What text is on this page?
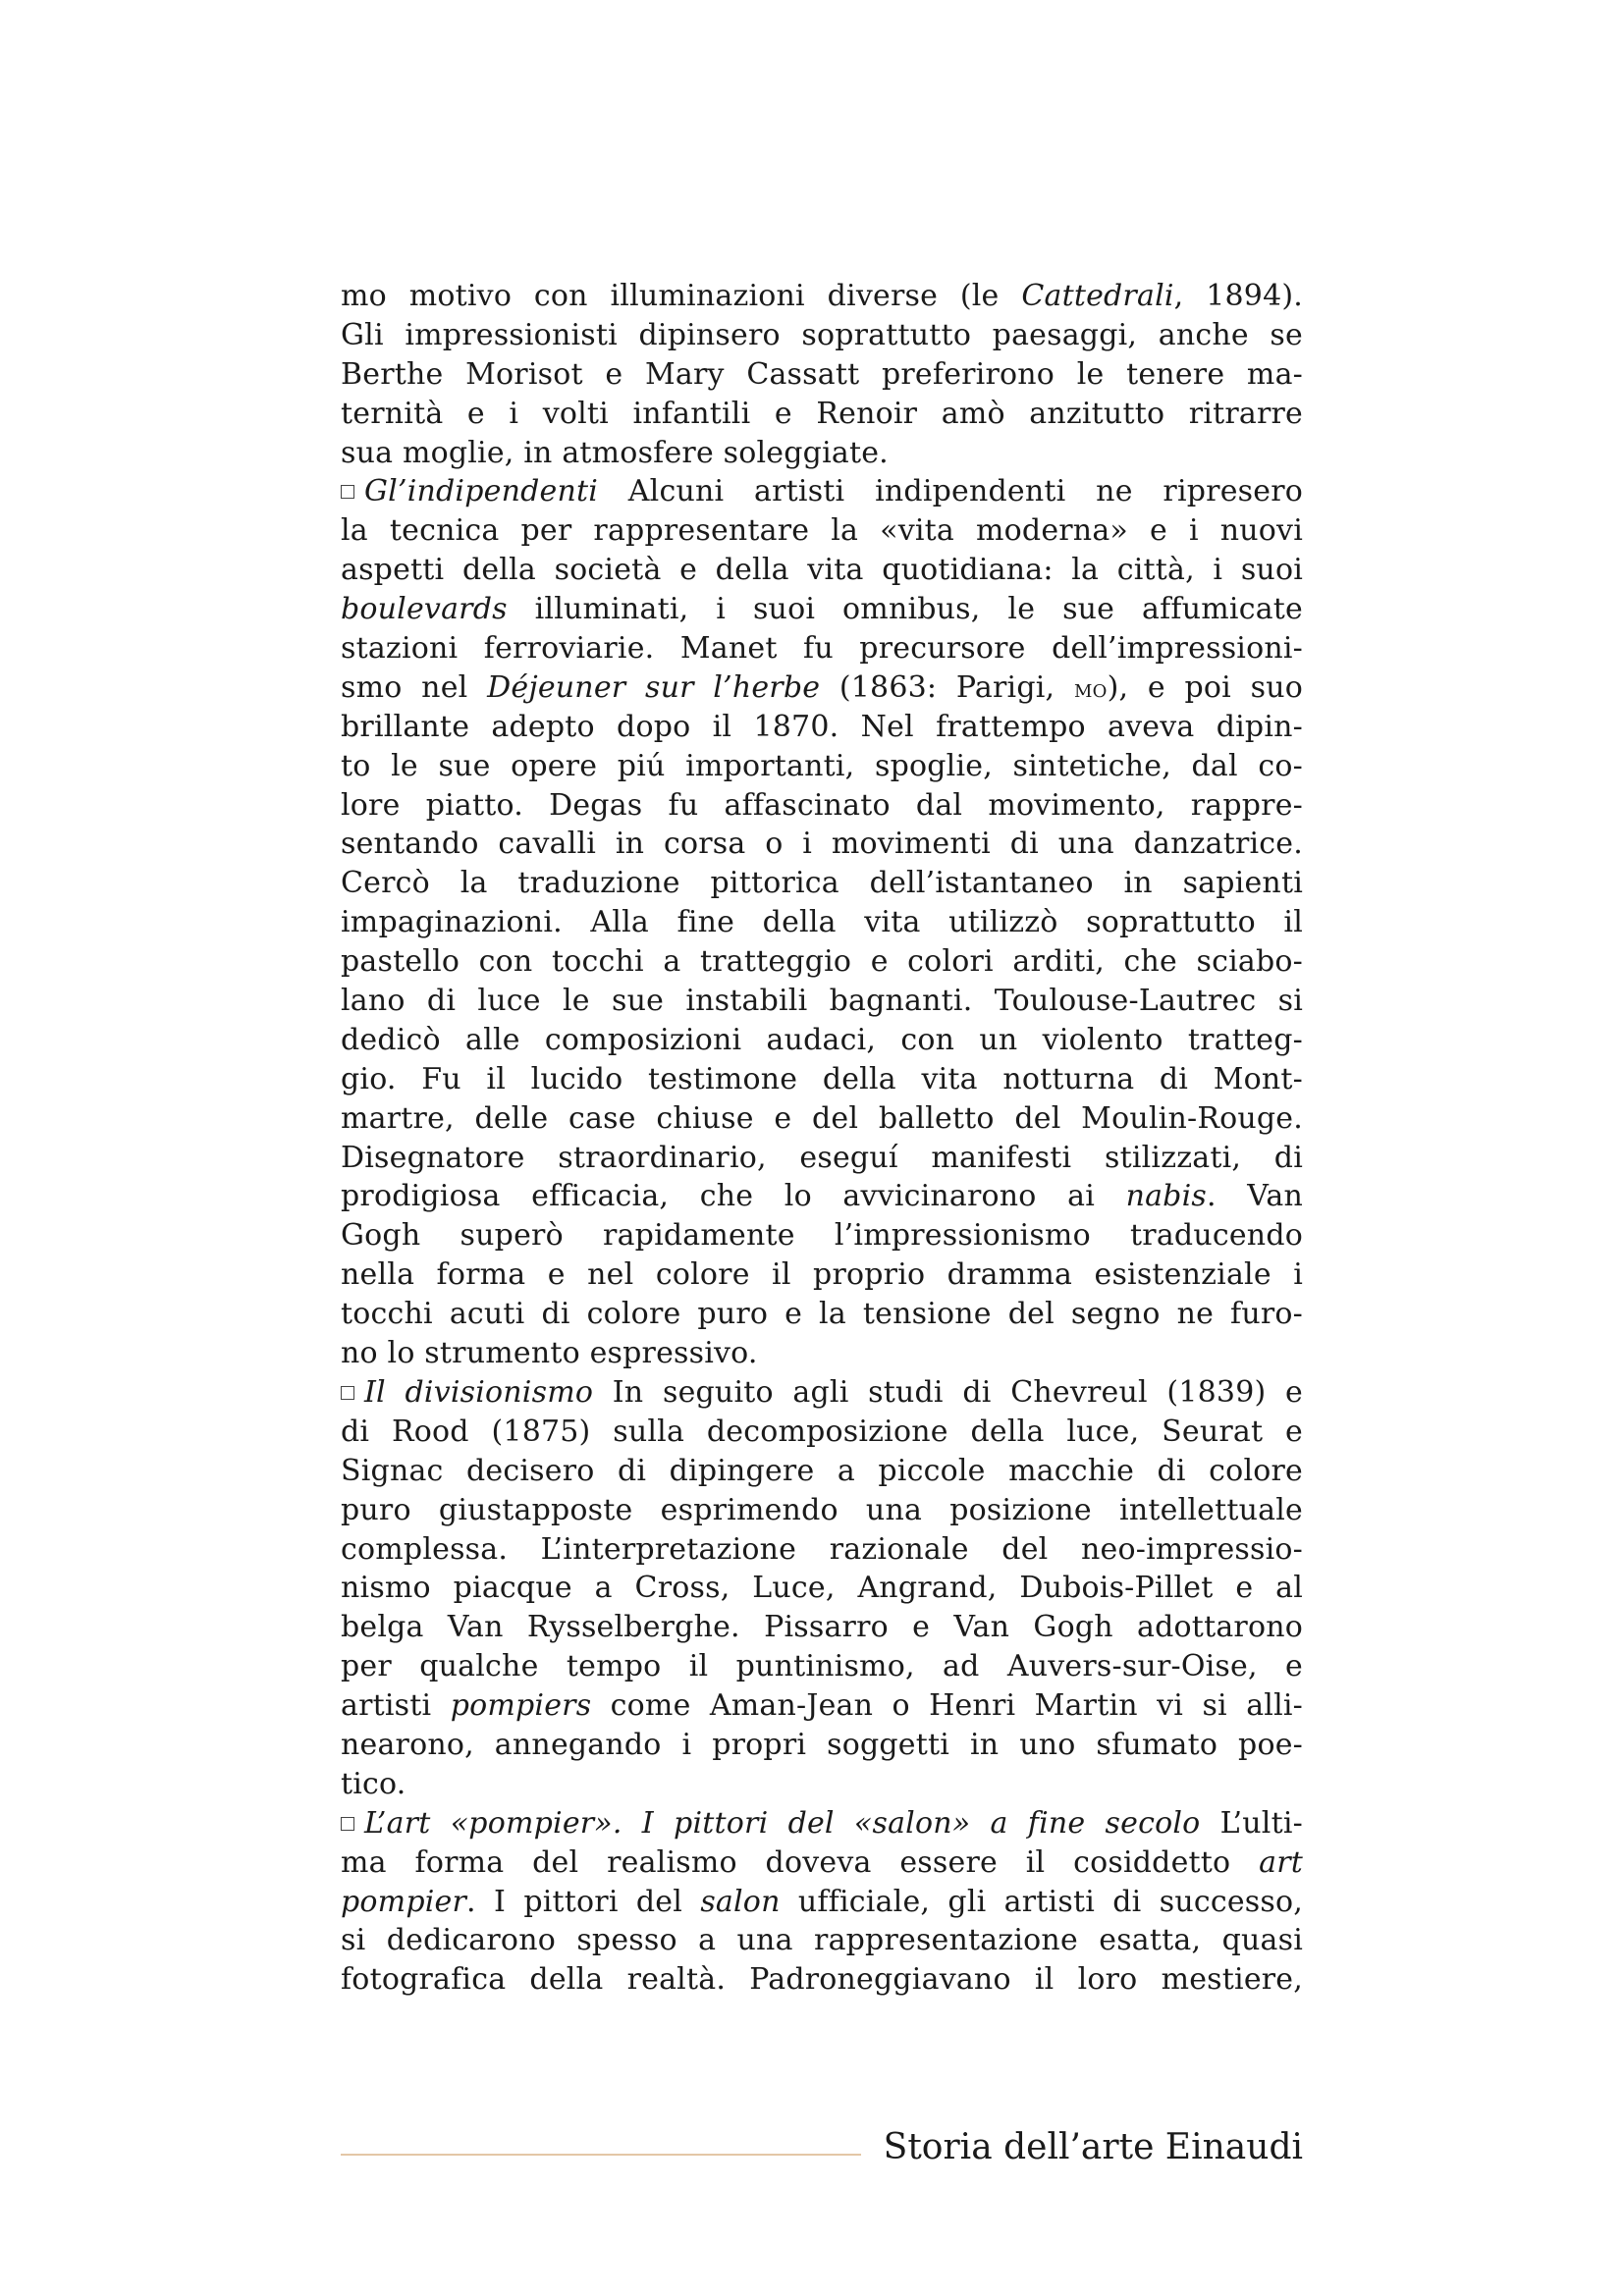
mo motivo con illuminazioni diverse (le Cattedrali, 1894).
Gli impressionisti dipinsero soprattutto paesaggi, anche se
Berthe Morisot e Mary Cassatt preferirono le tenere ma-
ternità e i volti infantili e Renoir amò anzitutto ritrarre
sua moglie, in atmosfere soleggiate.
Gl’indipendenti Alcuni artisti indipendenti ne ripresero
la tecnica per rappresentare la «vita moderna» e i nuovi
aspetti della società e della vita quotidiana: la città, i suoi
boulevards illuminati, i suoi omnibus, le sue affumicate
stazioni ferroviarie. Manet fu precursore dell’impressioni-
smo nel Déjeuner sur l’herbe (1863: Parigi, mo), e poi suo
brillante adepto dopo il 1870. Nel frattempo aveva dipin-
to le sue opere piú importanti, spoglie, sintetiche, dal co-
lore piatto. Degas fu affascinato dal movimento, rappre-
sentando cavalli in corsa o i movimenti di una danzatrice.
Cercò la traduzione pittorica dell’istantaneo in sapienti
impaginazioni. Alla fine della vita utilizzò soprattutto il
pastello con tocchi a tratteggio e colori arditi, che sciabo-
lano di luce le sue instabili bagnanti. Toulouse-Lautrec si
dedicò alle composizioni audaci, con un violento tratteg-
gio. Fu il lucido testimone della vita notturna di Mont-
martre, delle case chiuse e del balletto del Moulin-Rouge.
Disegnatore straordinario, eseguí manifesti stilizzati, di
prodigiosa efficacia, che lo avvicinarono ai nabis. Van
Gogh superò rapidamente l’impressionismo traducendo
nella forma e nel colore il proprio dramma esistenziale i
tocchi acuti di colore puro e la tensione del segno ne furo-
no lo strumento espressivo.
Il divisionismo In seguito agli studi di Chevreul (1839) e
di Rood (1875) sulla decomposizione della luce, Seurat e
Signac decisero di dipingere a piccole macchie di colore
puro giustapposte esprimendo una posizione intellettuale
complessa. L’interpretazione razionale del neo-impressio-
nismo piacque a Cross, Luce, Angrand, Dubois-Pillet e al
belga Van Rysselberghe. Pissarro e Van Gogh adottarono
per qualche tempo il puntinismo, ad Auvers-sur-Oise, e
artisti pompiers come Aman-Jean o Henri Martin vi si alli-
nearono, annegando i propri soggetti in uno sfumato poe-
tico.
L’art «pompier». I pittori del «salon» a fine secolo L’ulti-
ma forma del realismo doveva essere il cosiddetto art
pompier. I pittori del salon ufficiale, gli artisti di successo,
si dedicarono spesso a una rappresentazione esatta, quasi
fotografica della realtà. Padroneggiavano il loro mestiere,
Storia dell’arte Einaudi
